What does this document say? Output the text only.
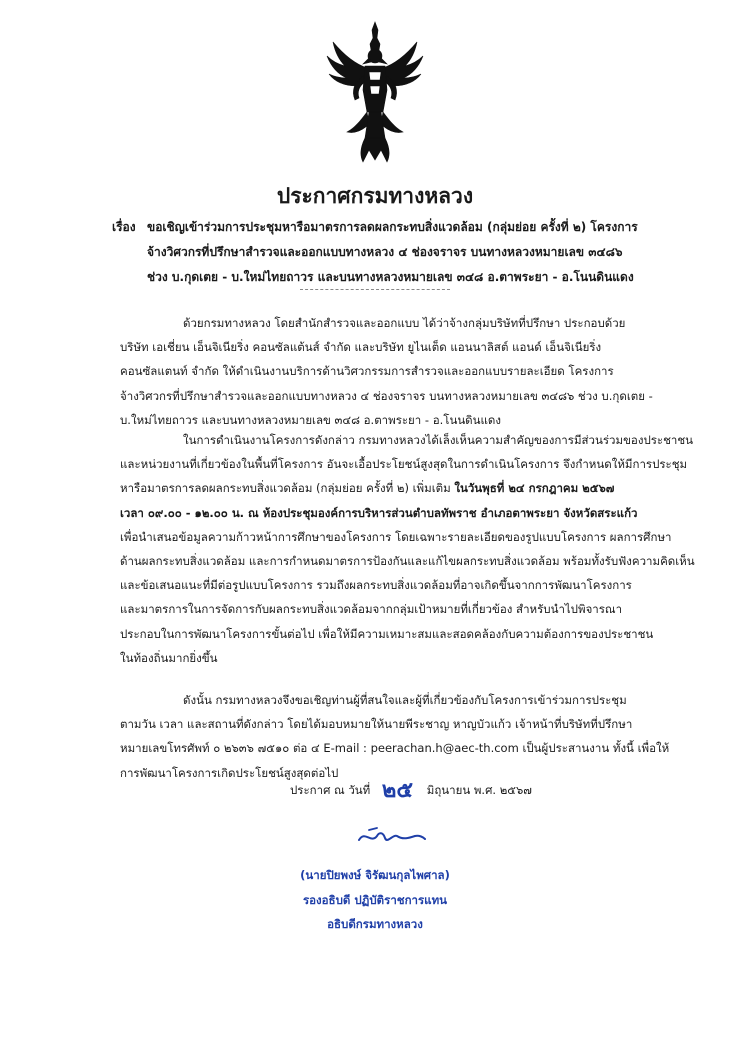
ประกาศกรมทางหลวง
เรื่อง ขอเชิญเข้าร่วมการประชุมหารือมาตรการลดผลกระทบสิ่งแวดล้อม (กลุ่มย่อย ครั้งที่ ๒) โครงการ
จ้างวิศวกรที่ปรึกษาสำรวจและออกแบบทางหลวง ๔ ช่องจราจร บนทางหลวงหมายเลข ๓๔๘๖
ช่วง บ.กุดเตย - บ.ใหม่ไทยถาวร และบนทางหลวงหมายเลข ๓๔๘ อ.ตาพระยา - อ.โนนดินแดง
ด้วยกรมทางหลวง โดยสำนักสำรวจและออกแบบ ได้ว่าจ้างกลุ่มบริษัทที่ปรึกษา ประกอบด้วย
บริษัท เอเชี่ยน เอ็นจิเนียริ่ง คอนซัลแต้นส์ จำกัด และบริษัท ยูไนเต็ด แอนนาลิสต์ แอนด์ เอ็นจิเนียริ่ง
คอนซัลแตนท์ จำกัด ให้ดำเนินงานบริการด้านวิศวกรรมการสำรวจและออกแบบรายละเอียด โครงการ
จ้างวิศวกรที่ปรึกษาสำรวจและออกแบบทางหลวง ๔ ช่องจราจร บนทางหลวงหมายเลข ๓๔๘๖ ช่วง บ.กุดเตย -
บ.ใหม่ไทยถาวร และบนทางหลวงหมายเลข ๓๔๘ อ.ตาพระยา - อ.โนนดินแดง
ในการดำเนินงานโครงการดังกล่าว กรมทางหลวงได้เล็งเห็นความสำคัญของการมีส่วนร่วมของประชาชน
และหน่วยงานที่เกี่ยวข้องในพื้นที่โครงการ อันจะเอื้อประโยชน์สูงสุดในการดำเนินโครงการ จึงกำหนดให้มีการประชุม
หารือมาตรการลดผลกระทบสิ่งแวดล้อม (กลุ่มย่อย ครั้งที่ ๒) เพิ่มเติม ในวันพุธที่ ๒๔ กรกฎาคม ๒๕๖๗
เวลา ๐๙.๐๐ - ๑๒.๐๐ น. ณ ห้องประชุมองค์การบริหารส่วนตำบลทัพราช อำเภอตาพระยา จังหวัดสระแก้ว
เพื่อนำเสนอข้อมูลความก้าวหน้าการศึกษาของโครงการ โดยเฉพาะรายละเอียดของรูปแบบโครงการ ผลการศึกษา
ด้านผลกระทบสิ่งแวดล้อม และการกำหนดมาตรการป้องกันและแก้ไขผลกระทบสิ่งแวดล้อม พร้อมทั้งรับฟังความคิดเห็น
และข้อเสนอแนะที่มีต่อรูปแบบโครงการ รวมถึงผลกระทบสิ่งแวดล้อมที่อาจเกิดขึ้นจากการพัฒนาโครงการ
และมาตรการในการจัดการกับผลกระทบสิ่งแวดล้อมจากกลุ่มเป้าหมายที่เกี่ยวข้อง สำหรับนำไปพิจารณา
ประกอบในการพัฒนาโครงการขั้นต่อไป เพื่อให้มีความเหมาะสมและสอดคล้องกับความต้องการของประชาชน
ในท้องถิ่นมากยิ่งขึ้น
ดังนั้น กรมทางหลวงจึงขอเชิญท่านผู้ที่สนใจและผู้ที่เกี่ยวข้องกับโครงการเข้าร่วมการประชุม
ตามวัน เวลา และสถานที่ดังกล่าว โดยได้มอบหมายให้นายพีระชาญ หาญบัวแก้ว เจ้าหน้าที่บริษัทที่ปรึกษา
หมายเลขโทรศัพท์ ๐ ๒๖๓๖ ๗๕๑๐ ต่อ ๔ E-mail : peerachan.h@aec-th.com เป็นผู้ประสานงาน ทั้งนี้ เพื่อให้
การพัฒนาโครงการเกิดประโยชน์สูงสุดต่อไป
ประกาศ ณ วันที่ ๒๕ มิถุนายน พ.ศ. ๒๕๖๗
(นายปิยพงษ์ จิรัฒนกุลไพศาล)
รองอธิบดี ปฏิบัติราชการแทน
อธิบดีกรมทางหลวง
